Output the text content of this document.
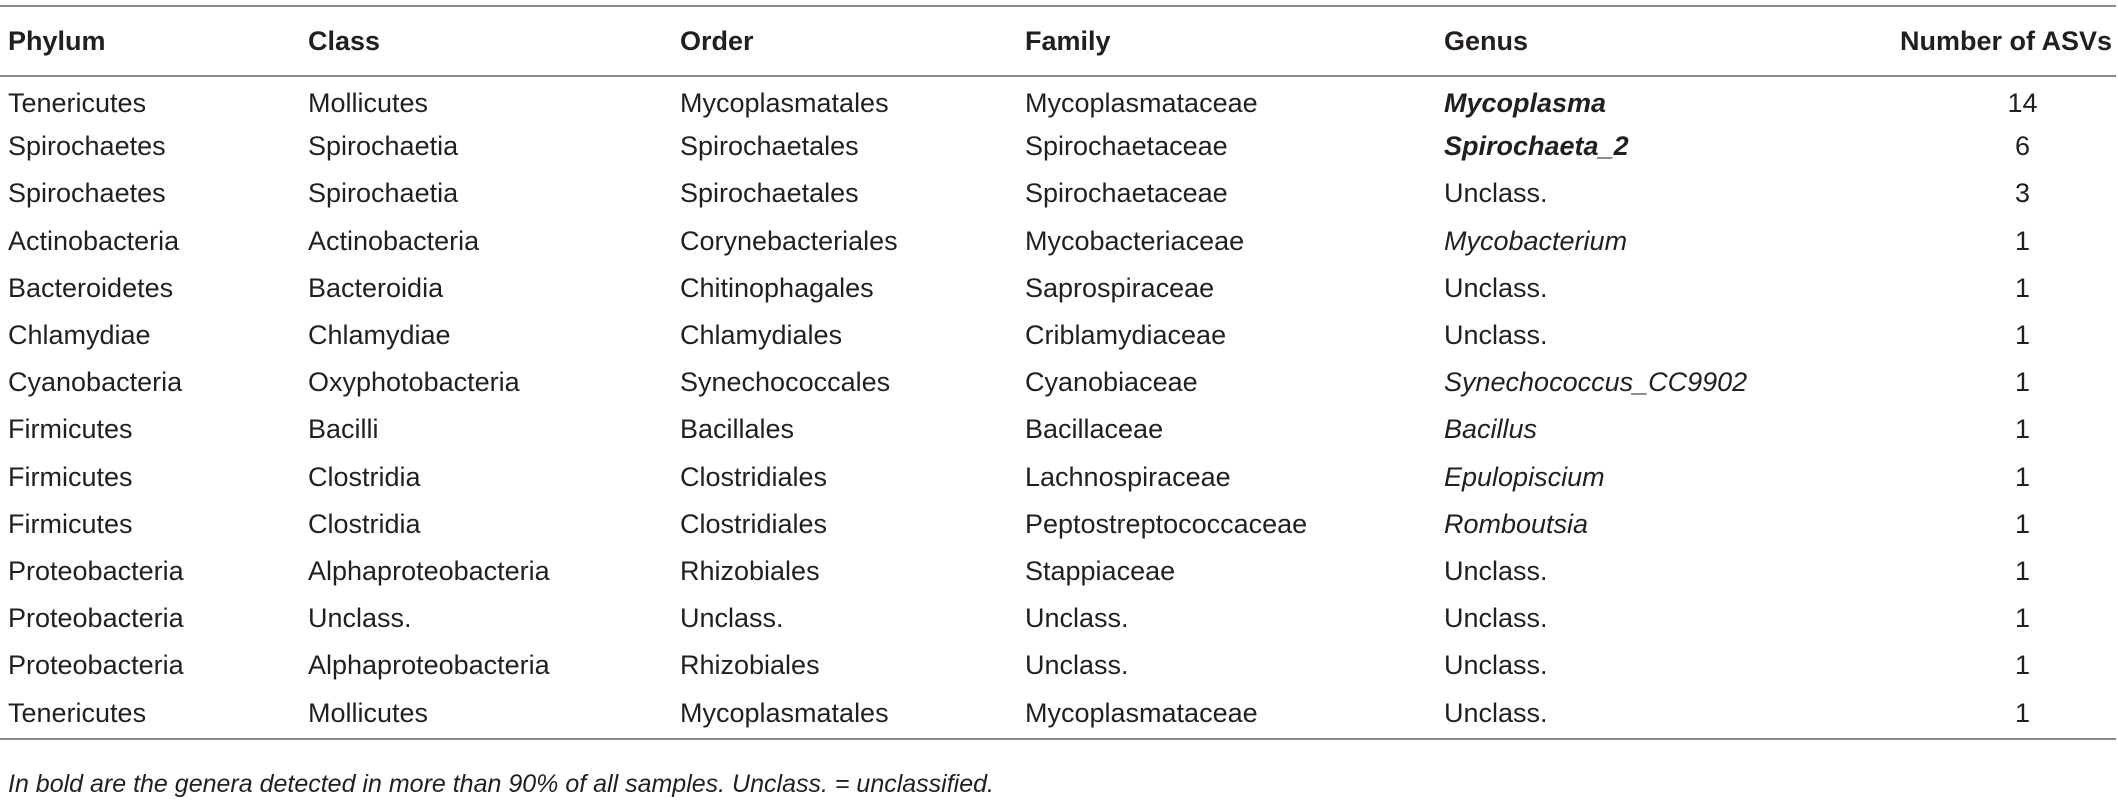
Phylum	Class	Order	Family	Genus	Number of ASVs
Tenericutes	Mollicutes	Mycoplasmatales	Mycoplasmataceae	Mycoplasma	14
Spirochaetes	Spirochaetia	Spirochaetales	Spirochaetaceae	Spirochaeta_2	6
Spirochaetes	Spirochaetia	Spirochaetales	Spirochaetaceae	Unclass.	3
Actinobacteria	Actinobacteria	Corynebacteriales	Mycobacteriaceae	Mycobacterium	1
Bacteroidetes	Bacteroidia	Chitinophagales	Saprospiraceae	Unclass.	1
Chlamydiae	Chlamydiae	Chlamydiales	Criblamydiaceae	Unclass.	1
Cyanobacteria	Oxyphotobacteria	Synechococcales	Cyanobiaceae	Synechococcus_CC9902	1
Firmicutes	Bacilli	Bacillales	Bacillaceae	Bacillus	1
Firmicutes	Clostridia	Clostridiales	Lachnospiraceae	Epulopiscium	1
Firmicutes	Clostridia	Clostridiales	Peptostreptococcaceae	Romboutsia	1
Proteobacteria	Alphaproteobacteria	Rhizobiales	Stappiaceae	Unclass.	1
Proteobacteria	Unclass.	Unclass.	Unclass.	Unclass.	1
Proteobacteria	Alphaproteobacteria	Rhizobiales	Unclass.	Unclass.	1
Tenericutes	Mollicutes	Mycoplasmatales	Mycoplasmataceae	Unclass.	1
In bold are the genera detected in more than 90% of all samples. Unclass. = unclassified.
